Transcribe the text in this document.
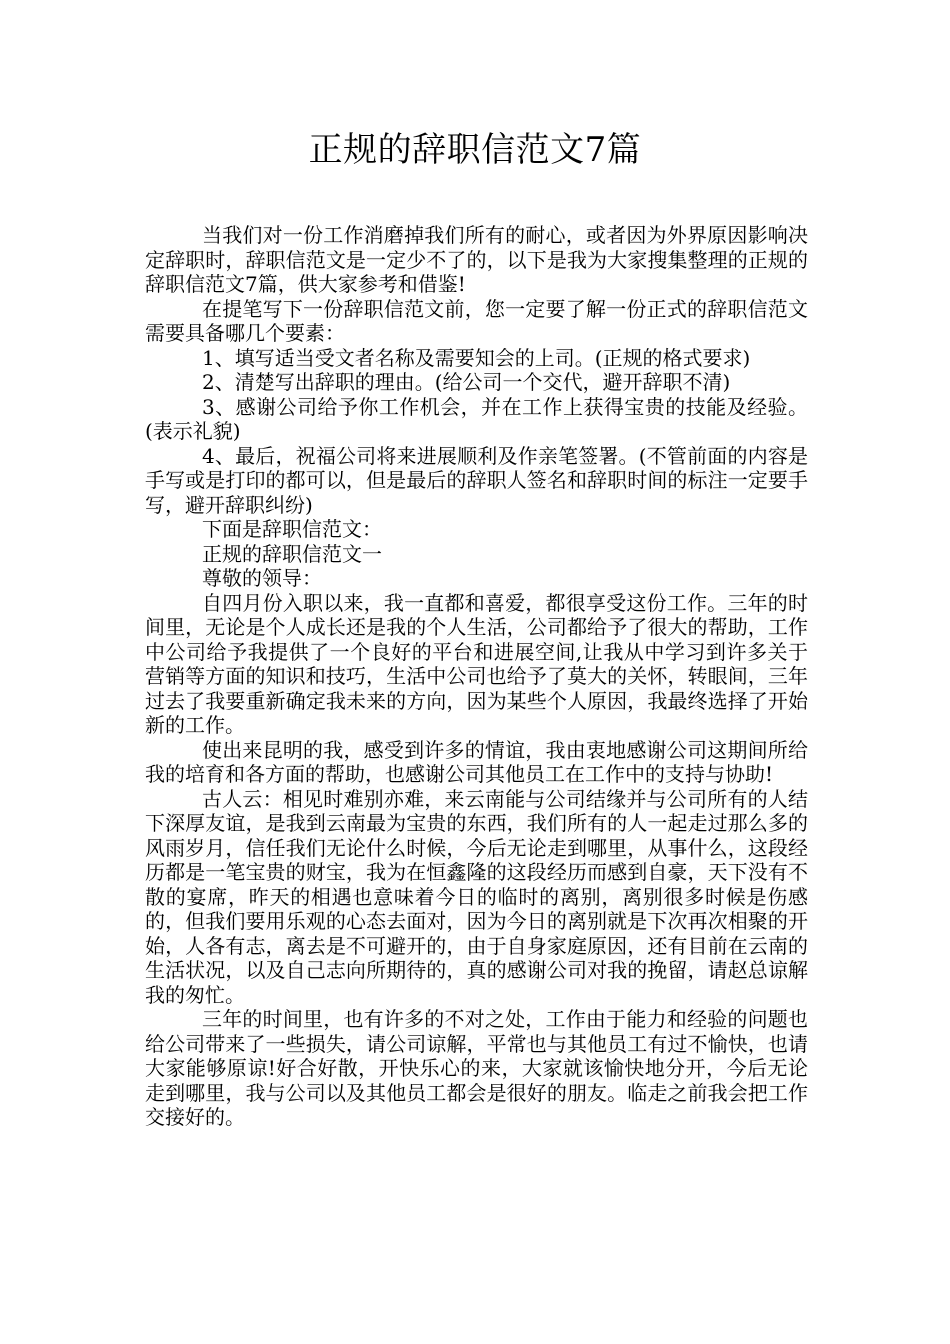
正规的辞职信范文7篇

当我们对一份工作消磨掉我们所有的耐心，或者因为外界原因影响决定辞职时，辞职信范文是一定少不了的，以下是我为大家搜集整理的正规的辞职信范文7篇，供大家参考和借鉴!

在提笔写下一份辞职信范文前，您一定要了解一份正式的辞职信范文需要具备哪几个要素：

1、填写适当受文者名称及需要知会的上司。(正规的格式要求)

2、清楚写出辞职的理由。(给公司一个交代，避开辞职不清)

3、感谢公司给予你工作机会，并在工作上获得宝贵的技能及经验。(表示礼貌)

4、最后，祝福公司将来进展顺利及作亲笔签署。(不管前面的内容是手写或是打印的都可以，但是最后的辞职人签名和辞职时间的标注一定要手写，避开辞职纠纷)

下面是辞职信范文：

正规的辞职信范文一

尊敬的领导：

自四月份入职以来，我一直都和喜爱，都很享受这份工作。三年的时间里，无论是个人成长还是我的个人生活，公司都给予了很大的帮助，工作中公司给予我提供了一个良好的平台和进展空间,让我从中学习到许多关于营销等方面的知识和技巧，生活中公司也给予了莫大的关怀，转眼间，三年过去了我要重新确定我未来的方向，因为某些个人原因，我最终选择了开始新的工作。

使出来昆明的我，感受到许多的情谊，我由衷地感谢公司这期间所给我的培育和各方面的帮助，也感谢公司其他员工在工作中的支持与协助!

古人云：相见时难别亦难，来云南能与公司结缘并与公司所有的人结下深厚友谊，是我到云南最为宝贵的东西，我们所有的人一起走过那么多的风雨岁月，信任我们无论什么时候，今后无论走到哪里，从事什么，这段经历都是一笔宝贵的财宝，我为在恒鑫隆的这段经历而感到自豪，天下没有不散的宴席，昨天的相遇也意味着今日的临时的离别，离别很多时候是伤感的，但我们要用乐观的心态去面对，因为今日的离别就是下次再次相聚的开始，人各有志，离去是不可避开的，由于自身家庭原因，还有目前在云南的生活状况，以及自己志向所期待的，真的感谢公司对我的挽留，请赵总谅解我的匆忙。

三年的时间里，也有许多的不对之处，工作由于能力和经验的问题也给公司带来了一些损失，请公司谅解，平常也与其他员工有过不愉快，也请大家能够原谅!好合好散，开快乐心的来，大家就该愉快地分开，今后无论走到哪里，我与公司以及其他员工都会是很好的朋友。临走之前我会把工作交接好的。
